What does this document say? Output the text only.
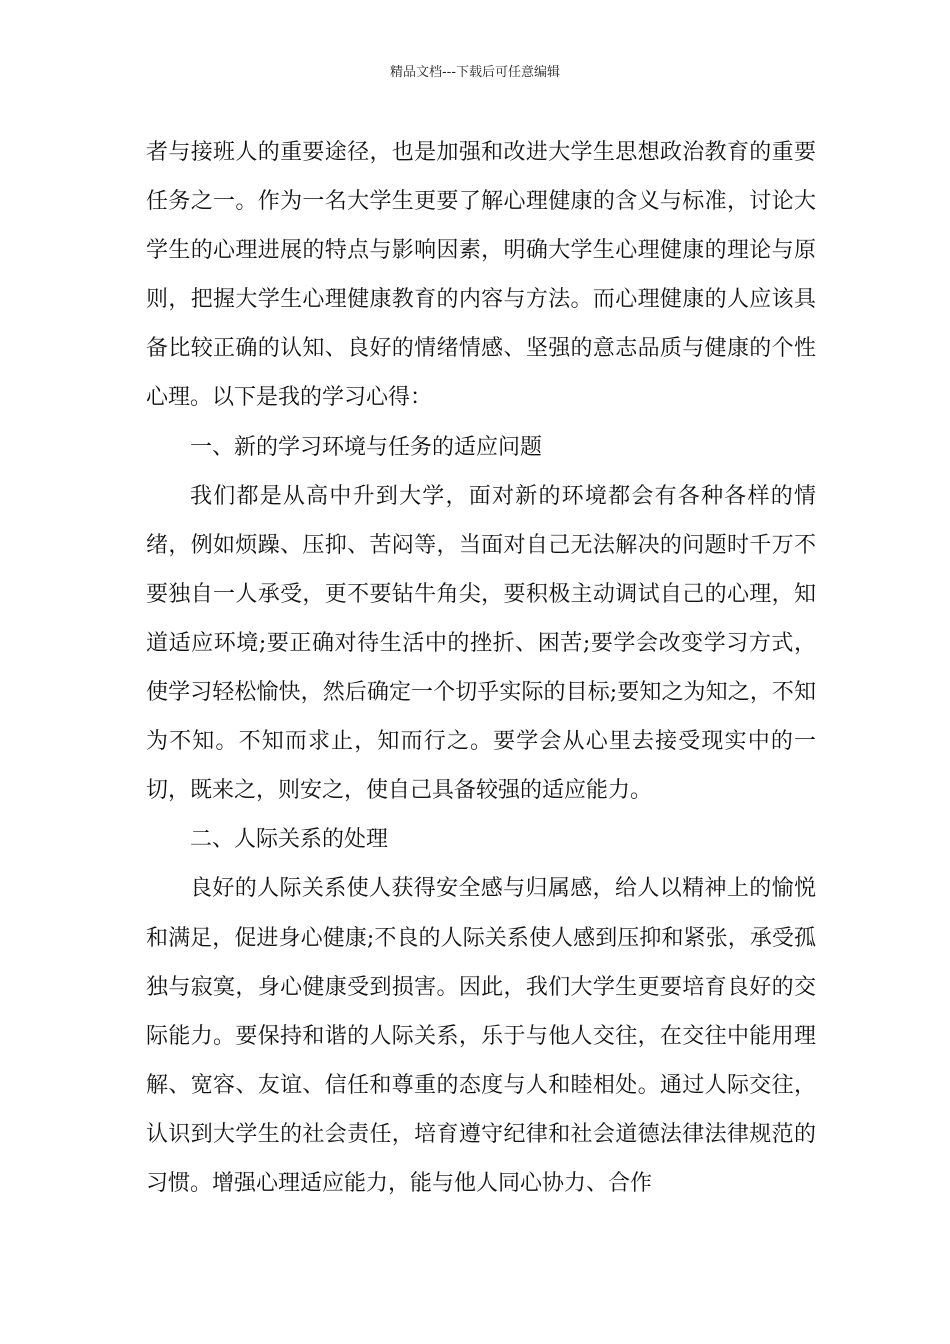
精品文档---下载后可任意编辑

者与接班人的重要途径，也是加强和改进大学生思想政治教育的重要任务之一。作为一名大学生更要了解心理健康的含义与标准，讨论大学生的心理进展的特点与影响因素，明确大学生心理健康的理论与原则，把握大学生心理健康教育的内容与方法。而心理健康的人应该具备比较正确的认知、良好的情绪情感、坚强的意志品质与健康的个性心理。以下是我的学习心得：

一、新的学习环境与任务的适应问题

我们都是从高中升到大学，面对新的环境都会有各种各样的情绪，例如烦躁、压抑、苦闷等，当面对自己无法解决的问题时千万不要独自一人承受，更不要钻牛角尖，要积极主动调试自己的心理，知道适应环境;要正确对待生活中的挫折、困苦;要学会改变学习方式，使学习轻松愉快，然后确定一个切乎实际的目标;要知之为知之，不知为不知。不知而求止，知而行之。要学会从心里去接受现实中的一切，既来之，则安之，使自己具备较强的适应能力。

二、人际关系的处理

良好的人际关系使人获得安全感与归属感，给人以精神上的愉悦和满足，促进身心健康;不良的人际关系使人感到压抑和紧张，承受孤独与寂寞，身心健康受到损害。因此，我们大学生更要培育良好的交际能力。要保持和谐的人际关系，乐于与他人交往，在交往中能用理解、宽容、友谊、信任和尊重的态度与人和睦相处。通过人际交往，认识到大学生的社会责任，培育遵守纪律和社会道德法律法律规范的习惯。增强心理适应能力，能与他人同心协力、合作
